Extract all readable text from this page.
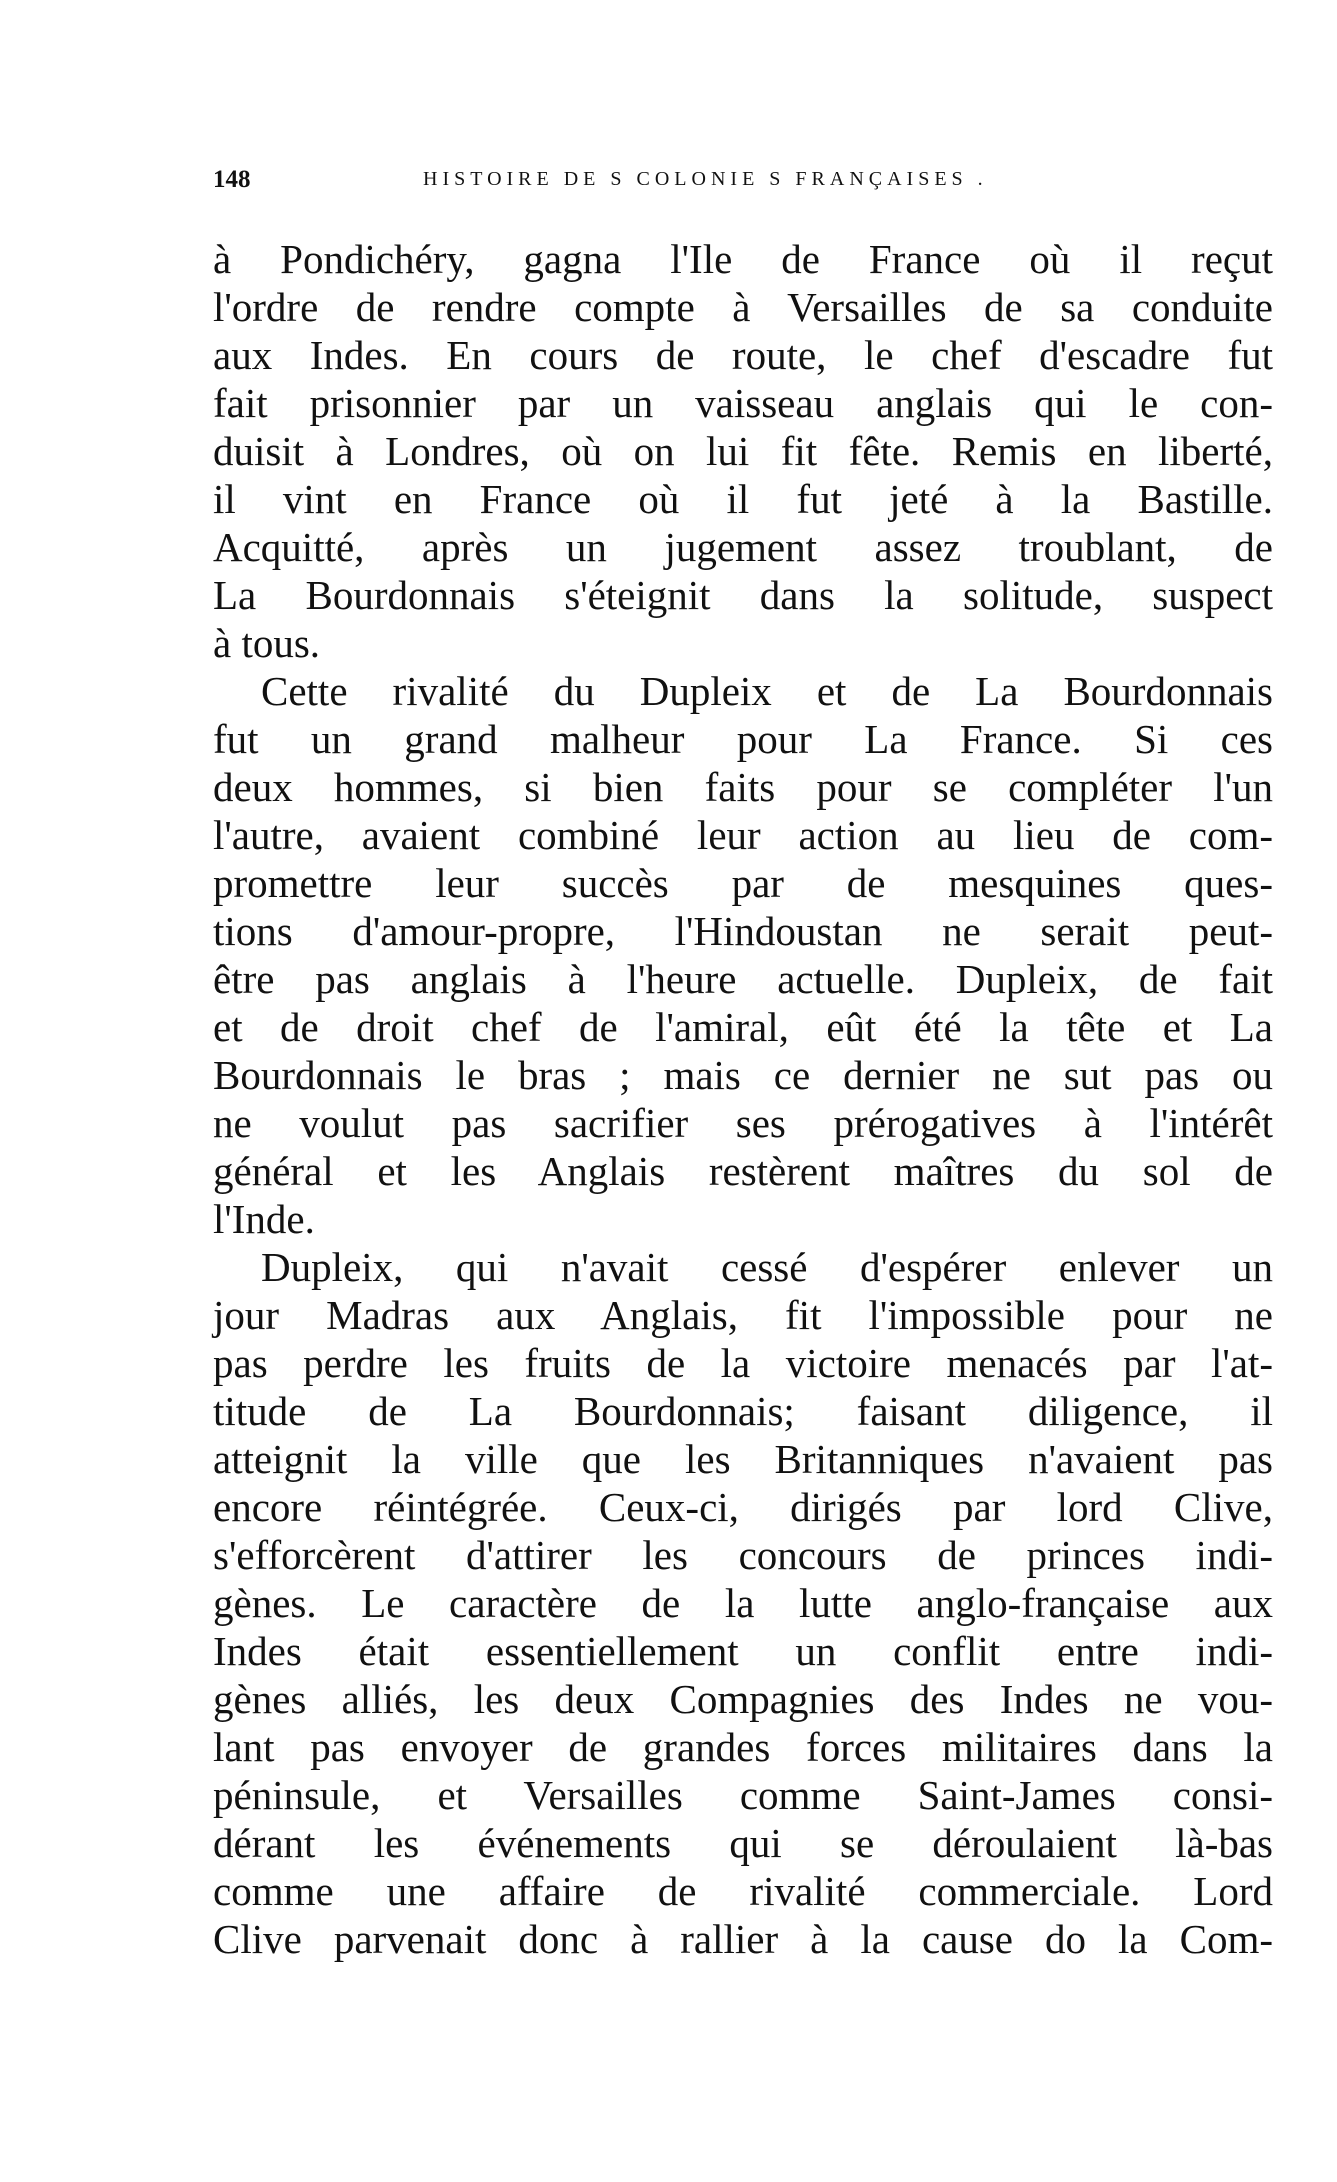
148	HISTOIRE DE S COLONIE S FRANÇAISES .
à Pondichéry, gagna l'Ile de France où il reçut
l'ordre de rendre compte à Versailles de sa conduite
aux Indes. En cours de route, le chef d'escadre fut
fait prisonnier par un vaisseau anglais qui le con-
duisit à Londres, où on lui fit fête. Remis en liberté,
il vint en France où il fut jeté à la Bastille.
Acquitté, après un jugement assez troublant, de
La Bourdonnais s'éteignit dans la solitude, suspect
à tous.
Cette rivalité du Dupleix et de La Bourdonnais
fut un grand malheur pour La France. Si ces
deux hommes, si bien faits pour se compléter l'un
l'autre, avaient combiné leur action au lieu de com-
promettre leur succès par de mesquines ques-
tions d'amour-propre, l'Hindoustan ne serait peut-
être pas anglais à l'heure actuelle. Dupleix, de fait
et de droit chef de l'amiral, eût été la tête et La
Bourdonnais le bras ; mais ce dernier ne sut pas ou
ne voulut pas sacrifier ses prérogatives à l'intérêt
général et les Anglais restèrent maîtres du sol de
l'Inde.
Dupleix, qui n'avait cessé d'espérer enlever un
jour Madras aux Anglais, fit l'impossible pour ne
pas perdre les fruits de la victoire menacés par l'at-
titude de La Bourdonnais; faisant diligence, il
atteignit la ville que les Britanniques n'avaient pas
encore réintégrée. Ceux-ci, dirigés par lord Clive,
s'efforcèrent d'attirer les concours de princes indi-
gènes. Le caractère de la lutte anglo-française aux
Indes était essentiellement un conflit entre indi-
gènes alliés, les deux Compagnies des Indes ne vou-
lant pas envoyer de grandes forces militaires dans la
péninsule, et Versailles comme Saint-James consi-
dérant les événements qui se déroulaient là-bas
comme une affaire de rivalité commerciale. Lord
Clive parvenait donc à rallier à la cause do la Com-
